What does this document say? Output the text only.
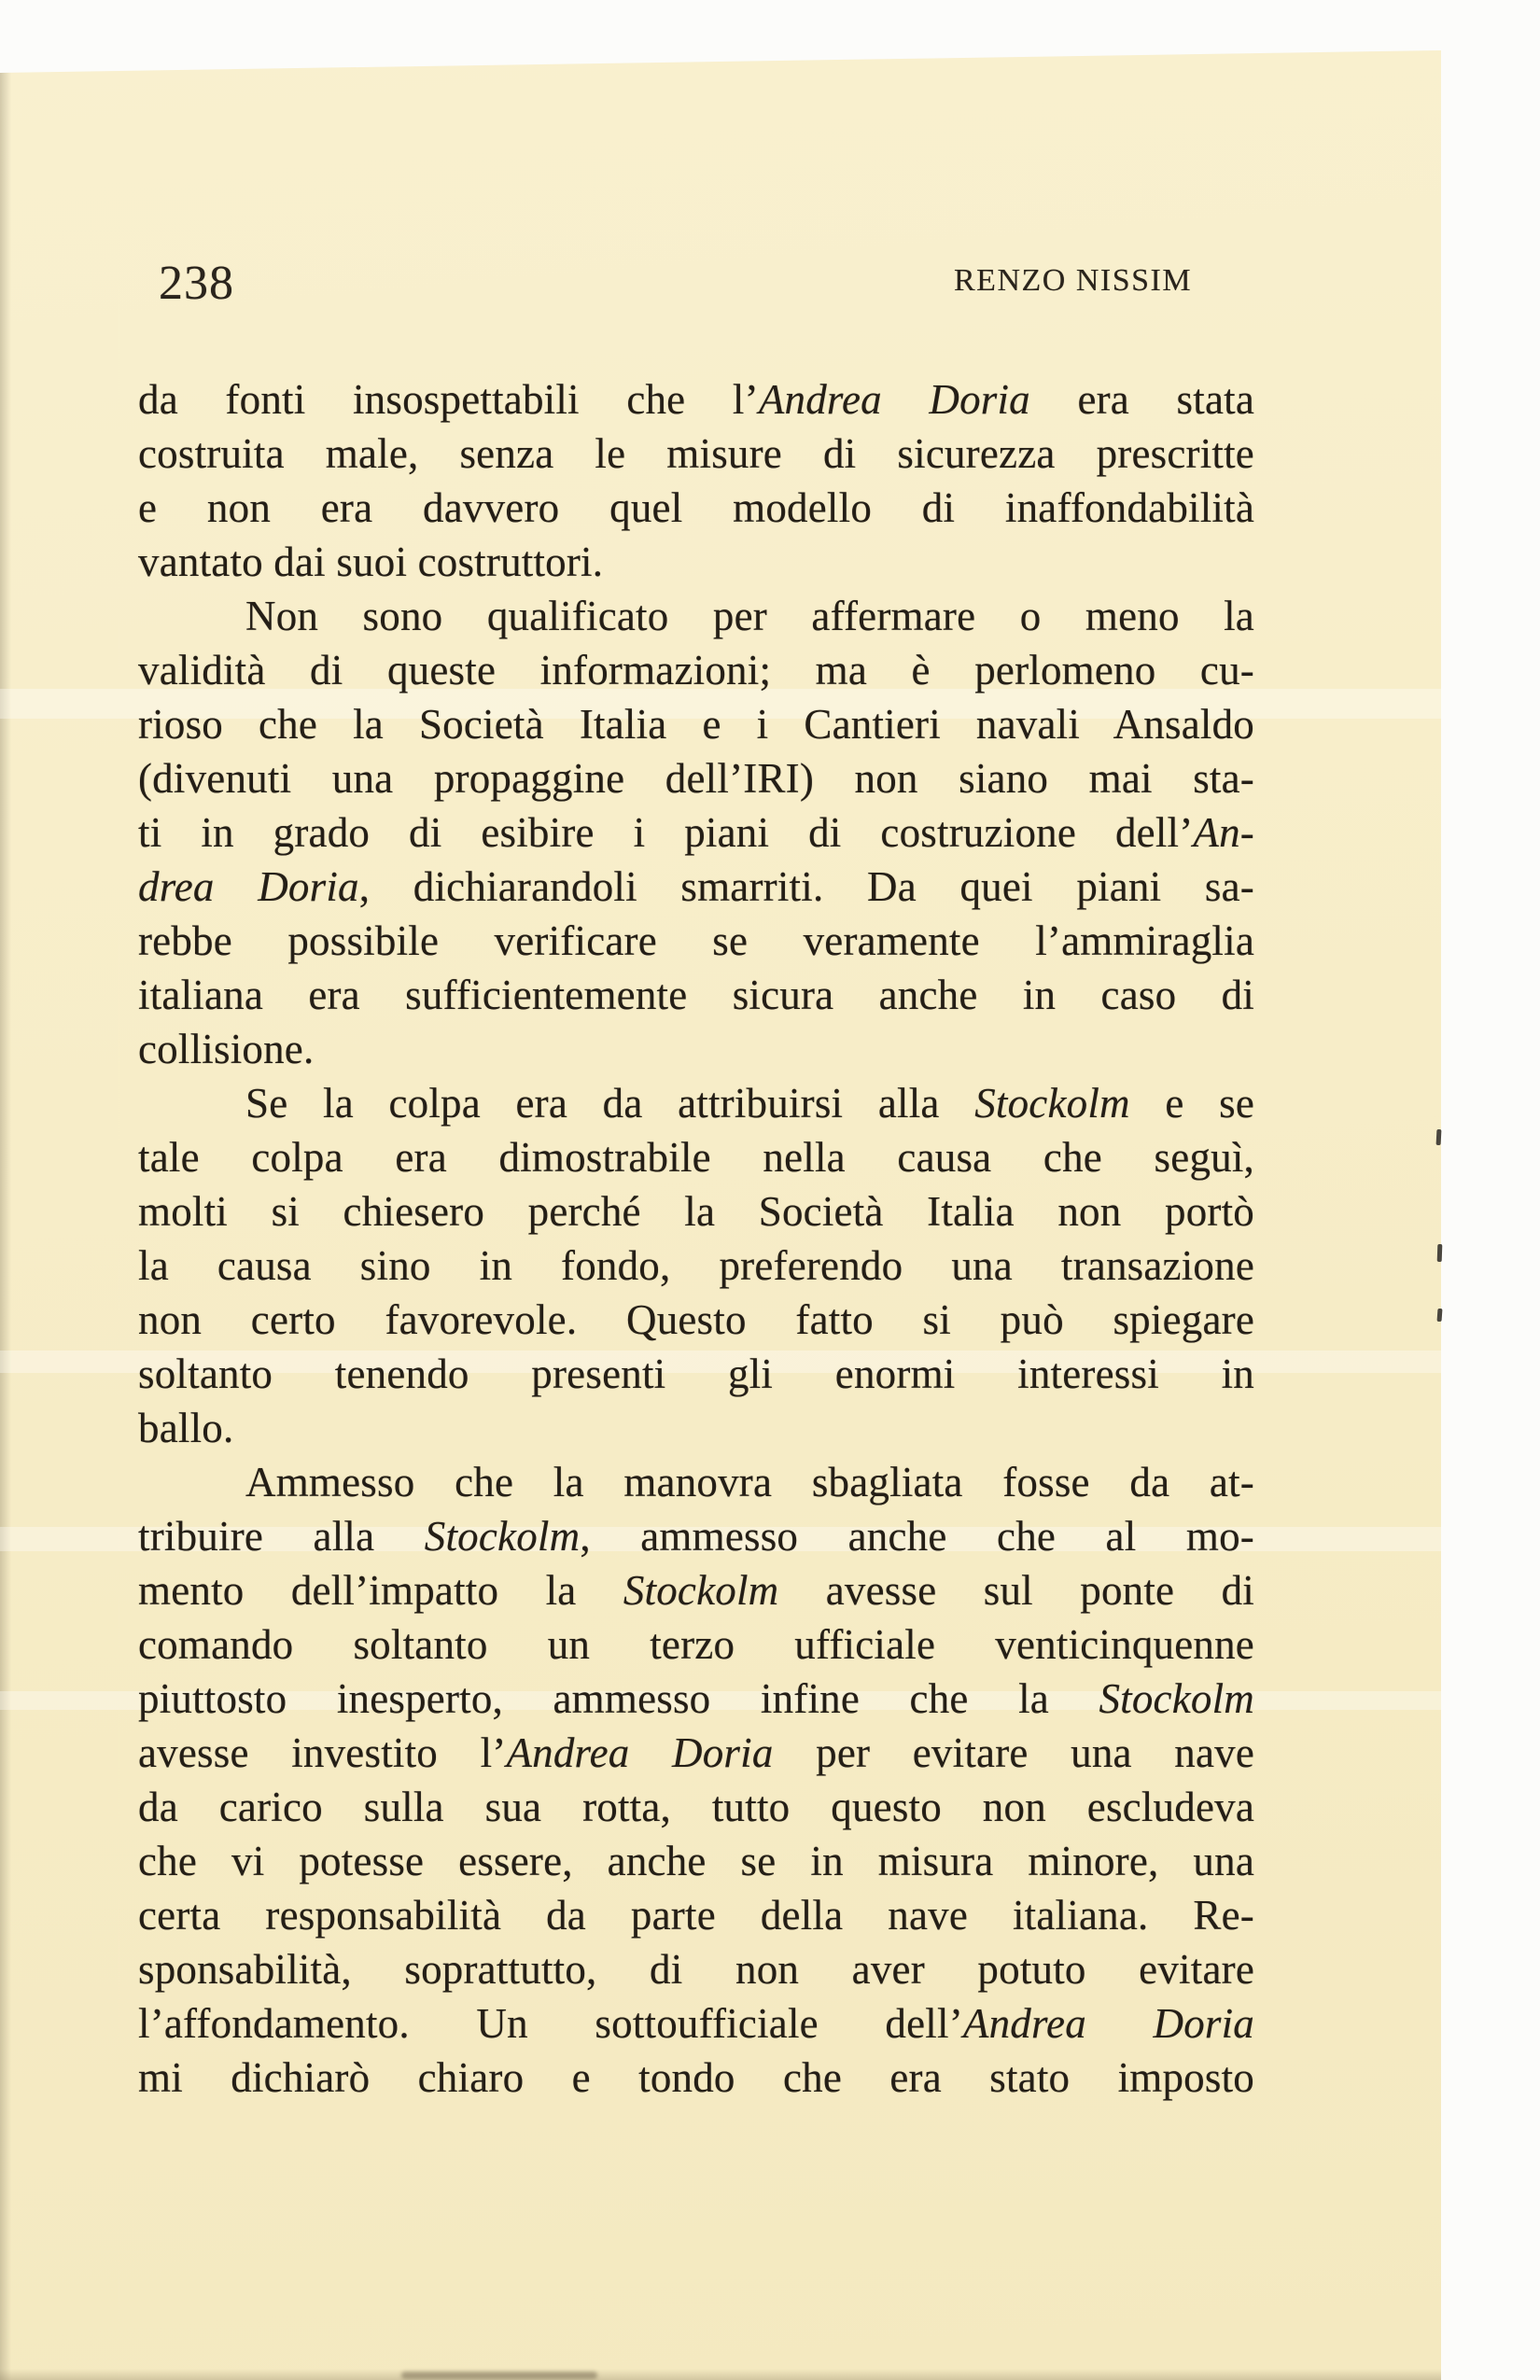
238	RENZO NISSIM
da fonti insospettabili che l’Andrea Doria era stata
costruita male, senza le misure di sicurezza prescritte
e non era davvero quel modello di inaffondabilità
vantato dai suoi costruttori.
Non sono qualificato per affermare o meno la
validità di queste informazioni; ma è perlomeno cu-
rioso che la Società Italia e i Cantieri navali Ansaldo
(divenuti una propaggine dell’IRI) non siano mai sta-
ti in grado di esibire i piani di costruzione dell’An-
drea Doria, dichiarandoli smarriti. Da quei piani sa-
rebbe possibile verificare se veramente l’ammiraglia
italiana era sufficientemente sicura anche in caso di
collisione.
Se la colpa era da attribuirsi alla Stockolm e se
tale colpa era dimostrabile nella causa che seguì,
molti si chiesero perché la Società Italia non portò
la causa sino in fondo, preferendo una transazione
non certo favorevole. Questo fatto si può spiegare
soltanto tenendo presenti gli enormi interessi in
ballo.
Ammesso che la manovra sbagliata fosse da at-
tribuire alla Stockolm, ammesso anche che al mo-
mento dell’impatto la Stockolm avesse sul ponte di
comando soltanto un terzo ufficiale venticinquenne
piuttosto inesperto, ammesso infine che la Stockolm
avesse investito l’Andrea Doria per evitare una nave
da carico sulla sua rotta, tutto questo non escludeva
che vi potesse essere, anche se in misura minore, una
certa responsabilità da parte della nave italiana. Re-
sponsabilità, soprattutto, di non aver potuto evitare
l’affondamento. Un sottoufficiale dell’Andrea Doria
mi dichiarò chiaro e tondo che era stato imposto
